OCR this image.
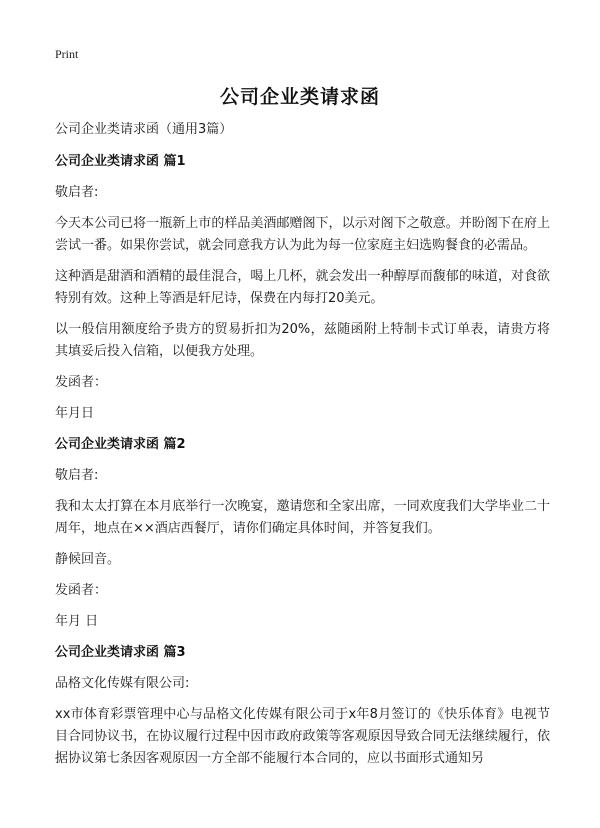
Print
公司企业类请求函

公司企业类请求函（通用3篇）

公司企业类请求函 篇1

敬启者:

今天本公司已将一瓶新上市的样品美酒邮赠阁下，以示对阁下之敬意。并盼阁下在府上尝试一番。如果你尝试，就会同意我方认为此为每一位家庭主妇选购餐食的必需品。

这种酒是甜酒和酒精的最佳混合，喝上几杯，就会发出一种醇厚而馥郁的味道，对食欲特别有效。这种上等酒是轩尼诗，保费在内每打20美元。

以一般信用额度给予贵方的贸易折扣为20%，兹随函附上特制卡式订单表，请贵方将其填妥后投入信箱，以便我方处理。

发函者：

年月日

公司企业类请求函 篇2

敬启者:

我和太太打算在本月底举行一次晚宴，邀请您和全家出席，一同欢度我们大学毕业二十周年，地点在××酒店西餐厅，请你们确定具体时间，并答复我们。

静候回音。

发函者：

年月 日

公司企业类请求函 篇3

品格文化传媒有限公司:

xx市体育彩票管理中心与品格文化传媒有限公司于x年8月签订的《快乐体育》电视节目合同协议书，在协议履行过程中因市政府政策等客观原因导致合同无法继续履行，依据协议第七条因客观原因一方全部不能履行本合同的，应以书面形式通知另
